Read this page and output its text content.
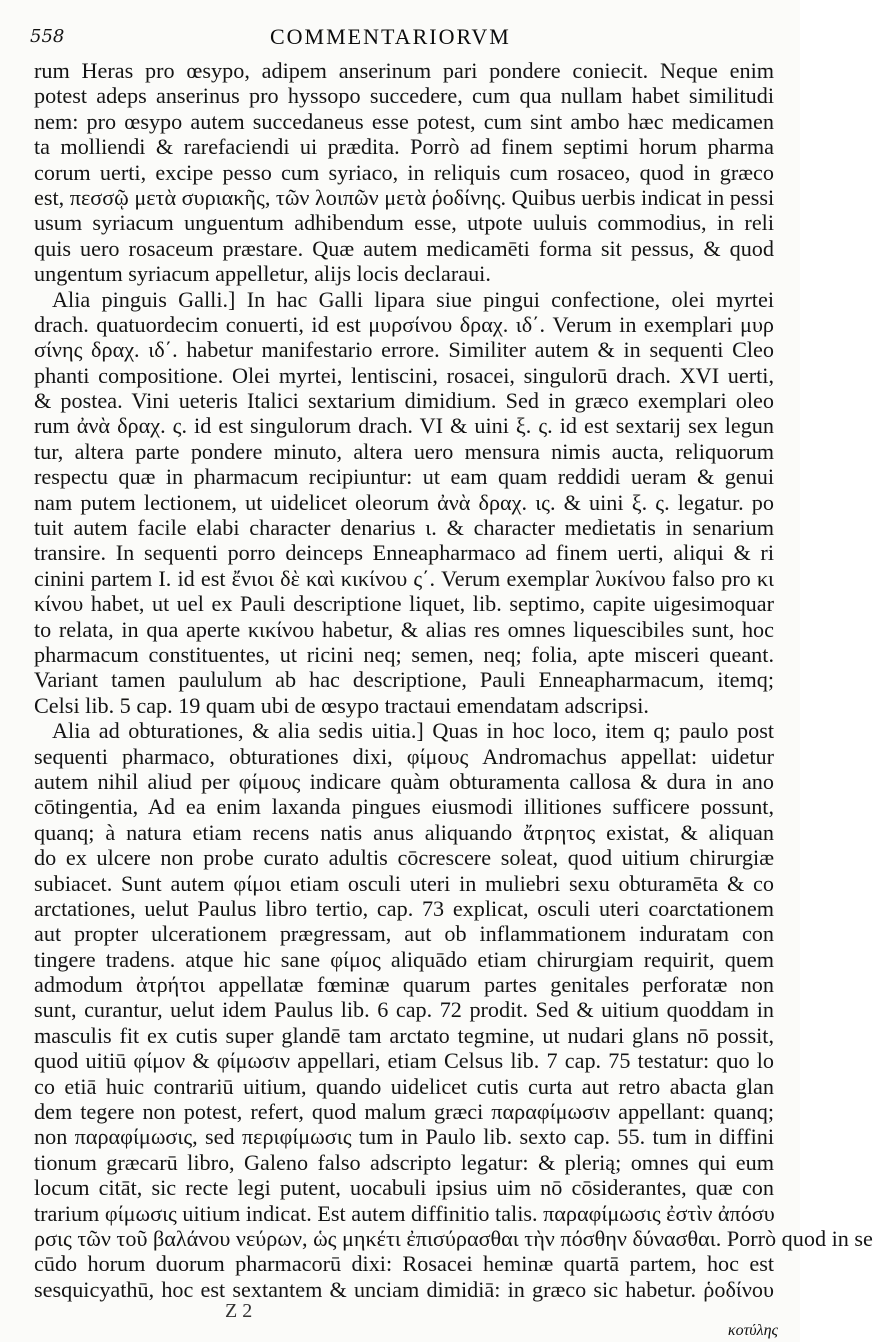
558	COMMENTARIORVM
rum Heras pro œsypo, adipem anserinum pari pondere coniecit. Neque enim
potest adeps anserinus pro hyssopo succedere, cum qua nullam habet similitudi
nem: pro œsypo autem succedaneus esse potest, cum sint ambo hæc medicamen
ta molliendi & rarefaciendi ui prædita. Porrò ad finem septimi horum pharma
corum uerti, excipe pesso cum syriaco, in reliquis cum rosaceo, quod in græco
est, πεσσῷ μετὰ συριακῆς, τῶν λοιπῶν μετὰ ῥοδίνης. Quibus uerbis indicat in pessi
usum syriacum unguentum adhibendum esse, utpote uuluis commodius, in reli
quis uero rosaceum præstare. Quæ autem medicamēti forma sit pessus, & quod
ungentum syriacum appelletur, alijs locis declaraui.
Alia pinguis Galli.] In hac Galli lipara siue pingui confectione, olei myrtei
drach. quatuordecim conuerti, id est μυρσίνου δραχ. ιδ΄. Verum in exemplari μυρ
σίνης δραχ. ιδ΄. habetur manifestario errore. Similiter autem & in sequenti Cleo
phanti compositione. Olei myrtei, lentiscini, rosacei, singulorū drach. XVI uerti,
& postea. Vini ueteris Italici sextarium dimidium. Sed in græco exemplari oleo
rum ἀνὰ δραχ. ς. id est singulorum drach. VI & uini ξ. ς. id est sextarij sex legun
tur, altera parte pondere minuto, altera uero mensura nimis aucta, reliquorum
respectu quæ in pharmacum recipiuntur: ut eam quam reddidi ueram & genui
nam putem lectionem, ut uidelicet oleorum ἀνὰ δραχ. ις. & uini ξ. ς. legatur. po
tuit autem facile elabi character denarius ι. & character medietatis in senarium
transire. In sequenti porro deinceps Enneapharmaco ad finem uerti, aliqui & ri
cinini partem I. id est ἔνιοι δὲ καὶ κικίνου ς΄. Verum exemplar λυκίνου falso pro κι
κίνου habet, ut uel ex Pauli descriptione liquet, lib. septimo, capite uigesimoquar
to relata, in qua aperte κικίνου habetur, & alias res omnes liquescibiles sunt, hoc
pharmacum constituentes, ut ricini neq; semen, neq; folia, apte misceri queant.
Variant tamen paululum ab hac descriptione, Pauli Enneapharmacum, itemq;
Celsi lib. 5 cap. 19 quam ubi de œsypo tractaui emendatam adscripsi.
Alia ad obturationes, & alia sedis uitia.] Quas in hoc loco, item q; paulo post
sequenti pharmaco, obturationes dixi, φίμους Andromachus appellat: uidetur
autem nihil aliud per φίμους indicare quàm obturamenta callosa & dura in ano
cōtingentia, Ad ea enim laxanda pingues eiusmodi illitiones sufficere possunt,
quanq; à natura etiam recens natis anus aliquando ἄτρητος existat, & aliquan
do ex ulcere non probe curato adultis cōcrescere soleat, quod uitium chirurgiæ
subiacet. Sunt autem φίμοι etiam osculi uteri in muliebri sexu obturamēta & co
arctationes, uelut Paulus libro tertio, cap. 73 explicat, osculi uteri coarctationem
aut propter ulcerationem prægressam, aut ob inflammationem induratam con
tingere tradens. atque hic sane φίμος aliquādo etiam chirurgiam requirit, quem
admodum ἀτρήτοι appellatæ fœminæ quarum partes genitales perforatæ non
sunt, curantur, uelut idem Paulus lib. 6 cap. 72 prodit. Sed & uitium quoddam in
masculis fit ex cutis super glandē tam arctato tegmine, ut nudari glans nō possit,
quod uitiū φίμον & φίμωσιν appellari, etiam Celsus lib. 7 cap. 75 testatur: quo lo
co etiā huic contrariū uitium, quando uidelicet cutis curta aut retro abacta glan
dem tegere non potest, refert, quod malum græci παραφίμωσιν appellant: quanq;
non παραφίμωσις, sed περιφίμωσις tum in Paulo lib. sexto cap. 55. tum in diffini
tionum græcarū libro, Galeno falso adscripto legatur: & plerią; omnes qui eum
locum citāt, sic recte legi putent, uocabuli ipsius uim nō cōsiderantes, quæ con
trarium φίμωσις uitium indicat. Est autem diffinitio talis. παραφίμωσις ἐστὶν ἀπόσυ
ρσις τῶν τοῦ βαλάνου νεύρων, ὡς μηκέτι ἐπισύρασθαι τὴν πόσθην δύνασθαι. Porrò quod in se
cūdo horum duorum pharmacorū dixi: Rosacei heminæ quartā partem, hoc est
sesquicyathū, hoc est sextantem & unciam dimidiā: in græco sic habetur. ῥοδίνου
Z 2
κοτύλης
